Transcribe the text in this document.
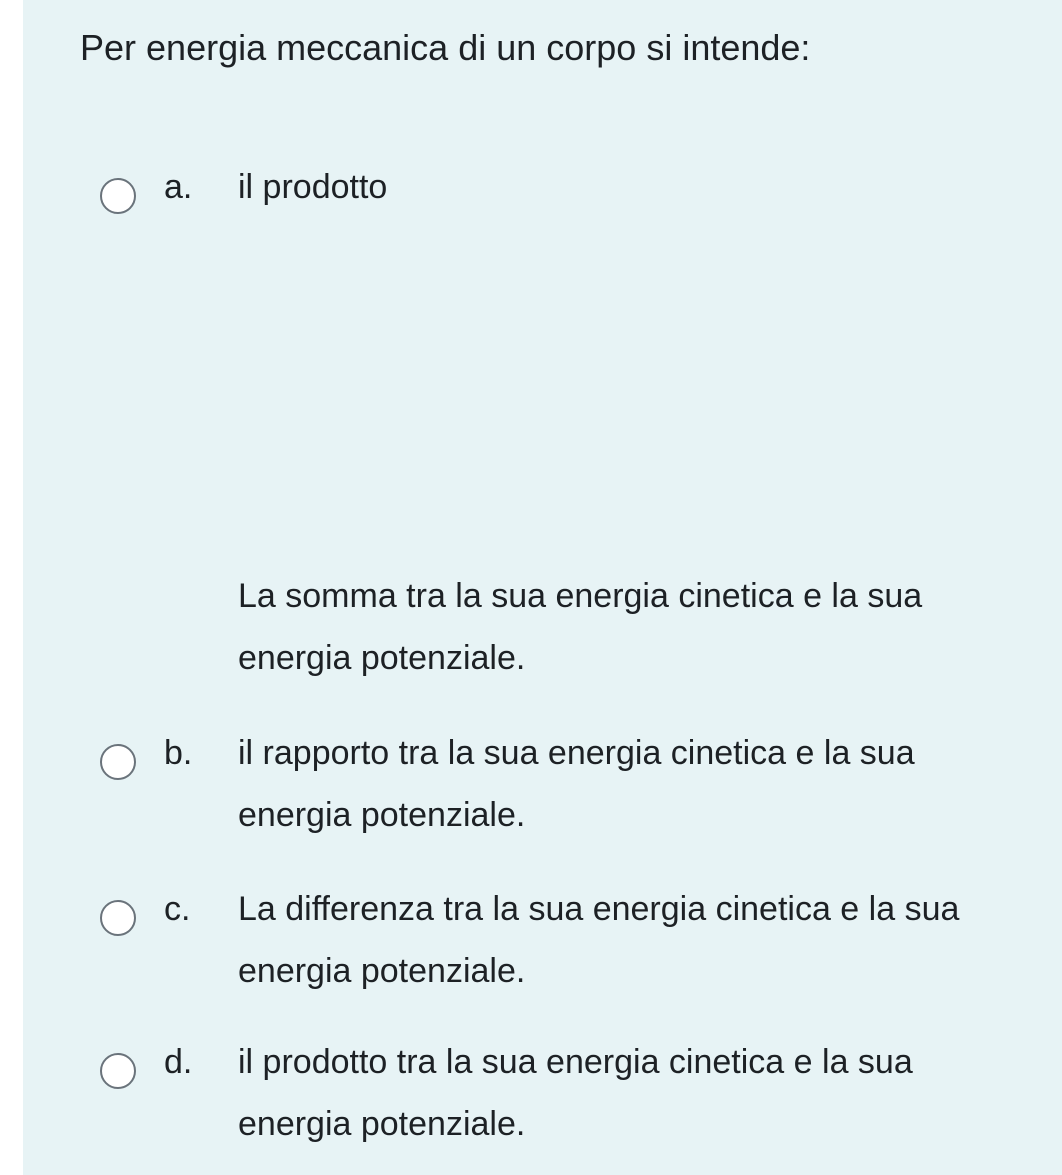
Per energia meccanica di un corpo si intende:
a.	il prodotto
La somma tra la sua energia cinetica e la sua energia potenziale.
b.	il rapporto tra la sua energia cinetica e la sua energia potenziale.
c.	La differenza tra la sua energia cinetica e la sua energia potenziale.
d.	il prodotto tra la sua energia cinetica e la sua energia potenziale.
